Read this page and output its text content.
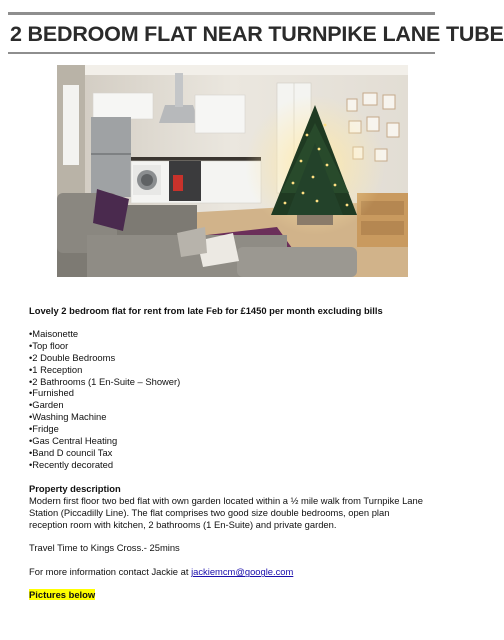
2 BEDROOM FLAT NEAR TURNPIKE LANE TUBE

Lovely 2 bedroom flat for rent from late Feb for £1450 per month excluding bills

•Maisonette
•Top floor
•2 Double Bedrooms
•1 Reception
•2 Bathrooms (1 En-Suite – Shower)
•Furnished
•Garden
•Washing Machine
•Fridge
•Gas Central Heating
•Band D council Tax
•Recently decorated

Property description

Modern first floor two bed flat with own garden located within a ½ mile walk from Turnpike Lane Station (Piccadilly Line). The flat comprises two good size double bedrooms, open plan reception room with kitchen, 2 bathrooms (1 En-Suite) and private garden.

Travel Time to Kings Cross.- 25mins

For more information contact Jackie at jackiemcm@google.com

Pictures below
